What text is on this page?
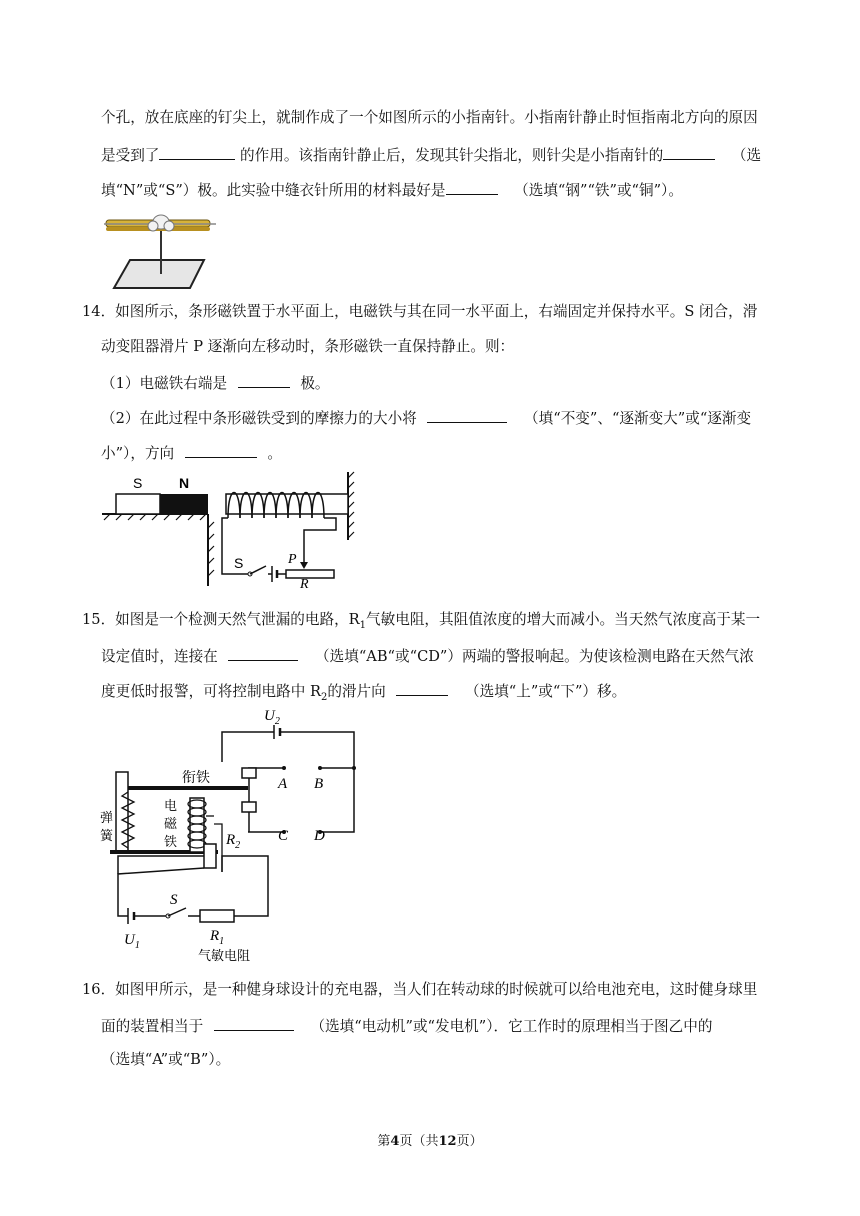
个孔，放在底座的钉尖上，就制作成了一个如图所示的小指南针。小指南针静止时恒指南北方向的原因
是受到了	的作用。该指南针静止后，发现其针尖指北，则针尖是小指南针的	（选
填“N”或“S”）极。此实验中缝衣针所用的材料最好是	（选填“钢”“铁”或“铜”）。
14．如图所示，条形磁铁置于水平面上，电磁铁与其在同一水平面上，右端固定并保持水平。S 闭合，滑
动变阻器滑片 P 逐渐向左移动时，条形磁铁一直保持静止。则：
（1）电磁铁右端是	极。
（2）在此过程中条形磁铁受到的摩擦力的大小将	（填“不变”、“逐渐变大”或“逐渐变
小”），方向	。
S	N
S	P
R
15．如图是一个检测天然气泄漏的电路，$R_1$气敏电阻，其阻值浓度的增大而减小。当天然气浓度高于某一
设定值时，连接在	（选填“AB“或“CD”）两端的警报响起。为使该检测电路在天然气浓
度更低时报警，可将控制电路中 $R_2$的滑片向	（选填“上”或“下”）移。
$U_2$
A B
C D
衔铁
弹
簧
电
磁
铁	$R_2$
S
$U_1$
$R_1$
气敏电阻
16．如图甲所示，是一种健身球设计的充电器，当人们在转动球的时候就可以给电池充电，这时健身球里
面的装置相当于	（选填“电动机”或“发电机”）．它工作时的原理相当于图乙中的
（选填“A”或“B”）。
第4页（共12页）
